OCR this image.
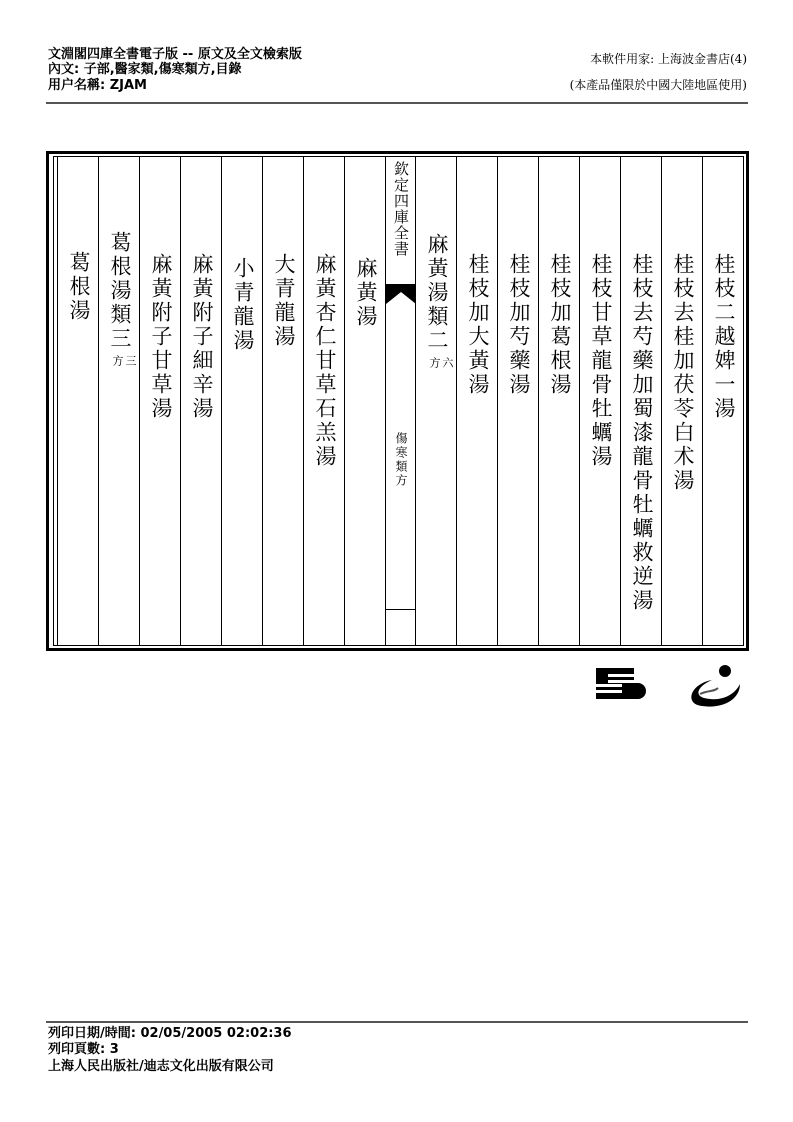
文淵閣四庫全書電子版 -- 原文及全文檢索版
內文: 子部,醫家類,傷寒類方,目錄
用户名稱: ZJAM
本軟件用家: 上海波金書店(4)
(本產品僅限於中國大陸地區使用)
欽定四庫全書
傷寒類方
桂枝二越婢一湯
桂枝去桂加茯苓白术湯
桂枝去芍藥加蜀漆龍骨牡蠣救逆湯
桂枝甘草龍骨牡蠣湯
桂枝加葛根湯
桂枝加芍藥湯
桂枝加大黃湯
麻黃湯類二
六方
麻黃湯
麻黃杏仁甘草石羔湯
大青龍湯
小青龍湯
麻黃附子細辛湯
麻黃附子甘草湯
葛根湯類三
三方
葛根湯
列印日期/時間: 02/05/2005 02:02:36
列印頁數: 3
上海人民出版社/迪志文化出版有限公司
